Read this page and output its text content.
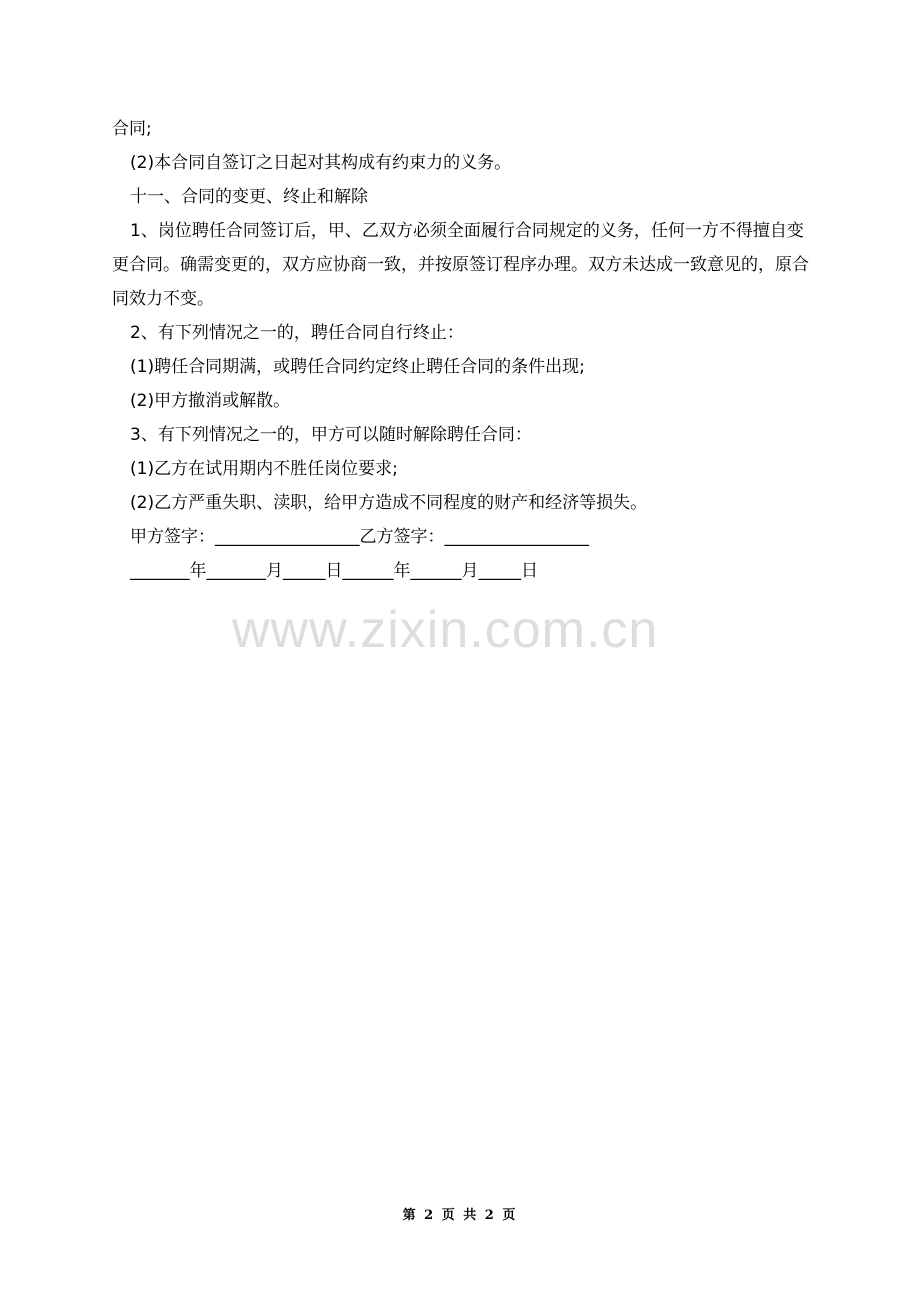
合同;

(2)本合同自签订之日起对其构成有约束力的义务。

十一、合同的变更、终止和解除

1、岗位聘任合同签订后，甲、乙双方必须全面履行合同规定的义务，任何一方不得擅自变更合同。确需变更的，双方应协商一致，并按原签订程序办理。双方未达成一致意见的，原合同效力不变。

2、有下列情况之一的，聘任合同自行终止：

(1)聘任合同期满，或聘任合同约定终止聘任合同的条件出现;

(2)甲方撤消或解散。

3、有下列情况之一的，甲方可以随时解除聘任合同：

(1)乙方在试用期内不胜任岗位要求;

(2)乙方严重失职、渎职，给甲方造成不同程度的财产和经济等损失。

甲方签字：_________________乙方签字：_________________

_______年_______月_____日______年______月_____日

www.zixin.com.cn
第 2 页 共 2 页
